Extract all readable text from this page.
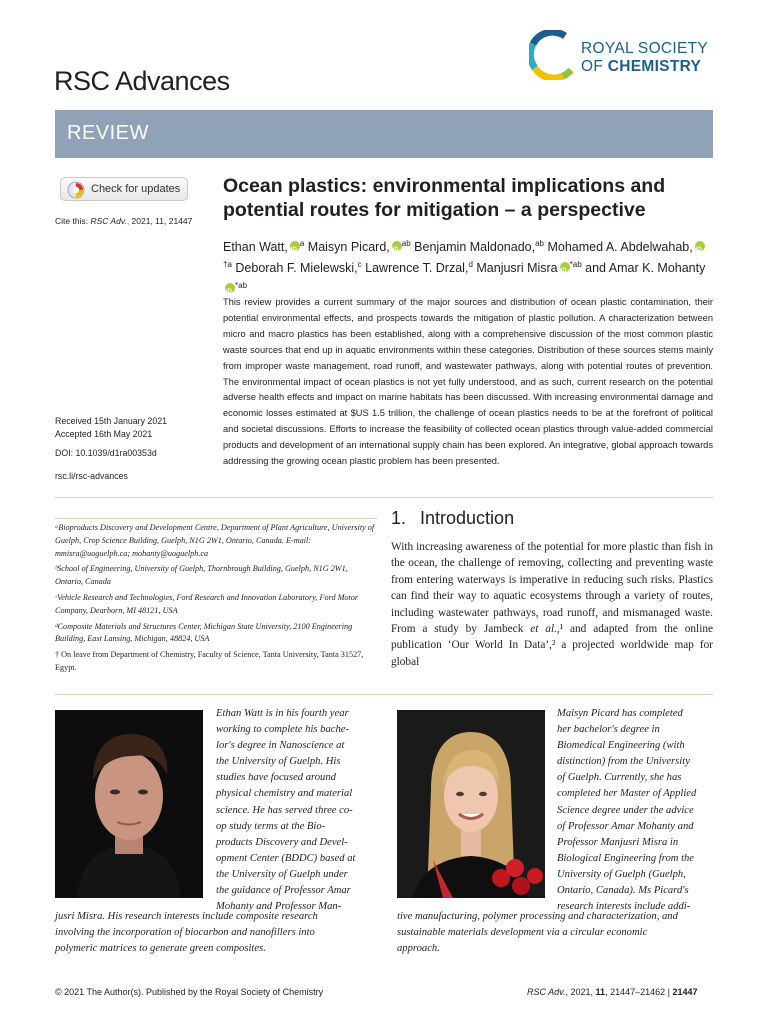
RSC Advances
ROYAL SOCIETY
OF CHEMISTRY
REVIEW
Check for updates
Cite this: RSC Adv., 2021, 11, 21447
Received 15th January 2021
Accepted 16th May 2021
DOI: 10.1039/d1ra00353d
rsc.li/rsc-advances
Ocean plastics: environmental implications and potential routes for mitigation – a perspective
Ethan Watt, iD $^a$ Maisyn Picard, iD $^{ab}$ Benjamin Maldonado,$^{ab}$ Mohamed A. $Abdelwahab,iD^{\dagger a}$ Deborah F. Mielewski,$^c$ Lawrence T. Drzal,$^d$ Manjusri Misra iD $^{*ab}$ and Amar K. MohantyiD$^{*ab}$
This review provides a current summary of the major sources and distribution of ocean plastic contamination, their potential environmental effects, and prospects towards the mitigation of plastic pollution. A characterization between micro and macro plastics has been established, along with a comprehensive discussion of the most common plastic waste sources that end up in aquatic environments within these categories. Distribution of these sources stems mainly from improper waste management, road runoff, and wastewater pathways, along with potential routes of prevention. The environmental impact of ocean plastics is not yet fully understood, and as such, current research on the potential adverse health effects and impact on marine habitats has been discussed. With increasing environmental damage and economic losses estimated at $US 1.5 trillion, the challenge of ocean plastics needs to be at the forefront of political and societal discussions. Efforts to increase the feasibility of collected ocean plastics through value-added commercial products and development of an international supply chain has been explored. An integrative, global approach towards addressing the growing ocean plastic problem has been presented.

ᵃBioproducts Discovery and Development Centre, Department of Plant Agriculture, University of Guelph, Crop Science Building, Guelph, N1G 2W1, Ontario, Canada. E-mail: mmisra@uoguelph.ca; mohanty@uoguelph.ca

ᵇSchool of Engineering, University of Guelph, Thornbrough Building, Guelph, N1G 2W1, Ontario, Canada

ᶜVehicle Research and Technologies, Ford Research and Innovation Laboratory, Ford Motor Company, Dearborn, MI 48121, USA

ᵈComposite Materials and Structures Center, Michigan State University, 2100 Engineering Building, East Lansing, Michigan, 48824, USA

† On leave from Department of Chemistry, Faculty of Science, Tanta University, Tanta 31527, Egypt.

1. Introduction
With increasing awareness of the potential for more plastic than fish in the ocean, the challenge of removing, collecting and preventing waste from entering waterways is imperative in reducing such risks. Plastics can find their way to aquatic ecosystems through a variety of routes, including wastewater pathways, road runoff, and mismanaged waste. From a study by Jambeck et al.,¹ and adapted from the online publication ‘Our World In Data’,² a projected worldwide map for global
Ethan Watt is in his fourth year
working to complete his bache-
lor's degree in Nanoscience at
the University of Guelph. His
studies have focused around
physical chemistry and material
science. He has served three co-
op study terms at the Bio-
products Discovery and Devel-
opment Center (BDDC) based at
the University of Guelph under
the guidance of Professor Amar
Mohanty and Professor Man-
jusri Misra. His research interests include composite research
involving the incorporation of biocarbon and nanofillers into
polymeric matrices to generate green composites.
Maisyn Picard has completed
her bachelor's degree in
Biomedical Engineering (with
distinction) from the University
of Guelph. Currently, she has
completed her Master of Applied
Science degree under the advice
of Professor Amar Mohanty and
Professor Manjusri Misra in
Biological Engineering from the
University of Guelph (Guelph,
Ontario, Canada). Ms Picard's
research interests include addi-
tive manufacturing, polymer processing and characterization, and
sustainable materials development via a circular economic
approach.
© 2021 The Author(s). Published by the Royal Society of Chemistry	RSC Adv., 2021, 11, 21447–21462 | 21447
